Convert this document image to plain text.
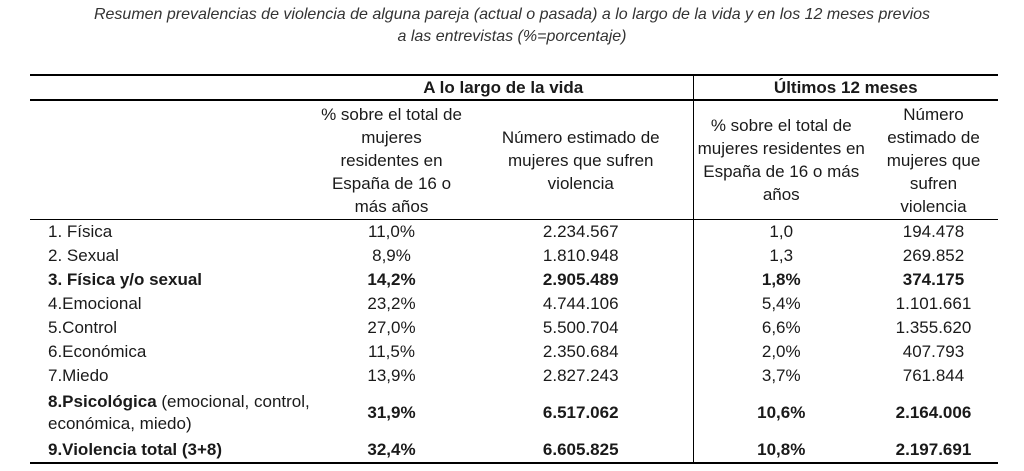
Resumen prevalencias de violencia de alguna pareja (actual o pasada) a lo largo de la vida y en los 12 meses previos
a las entrevistas (%=porcentaje)
	A lo largo de la vida		Últimos 12 meses	
	% sobre el total de mujeres residentes en España de 16 o más años	Número estimado de mujeres que sufren violencia	% sobre el total de mujeres residentes en España de 16 o más años	Número estimado de mujeres que sufren violencia
1. Física	11,0%	2.234.567	1,0	194.478
2. Sexual	8,9%	1.810.948	1,3	269.852
3. Física y/o sexual	14,2%	2.905.489	1,8%	374.175
4.Emocional	23,2%	4.744.106	5,4%	1.101.661
5.Control	27,0%	5.500.704	6,6%	1.355.620
6.Económica	11,5%	2.350.684	2,0%	407.793
7.Miedo	13,9%	2.827.243	3,7%	761.844
8.Psicológica (emocional, control, económica, miedo)	31,9%	6.517.062	10,6%	2.164.006
9.Violencia total (3+8)	32,4%	6.605.825	10,8%	2.197.691
